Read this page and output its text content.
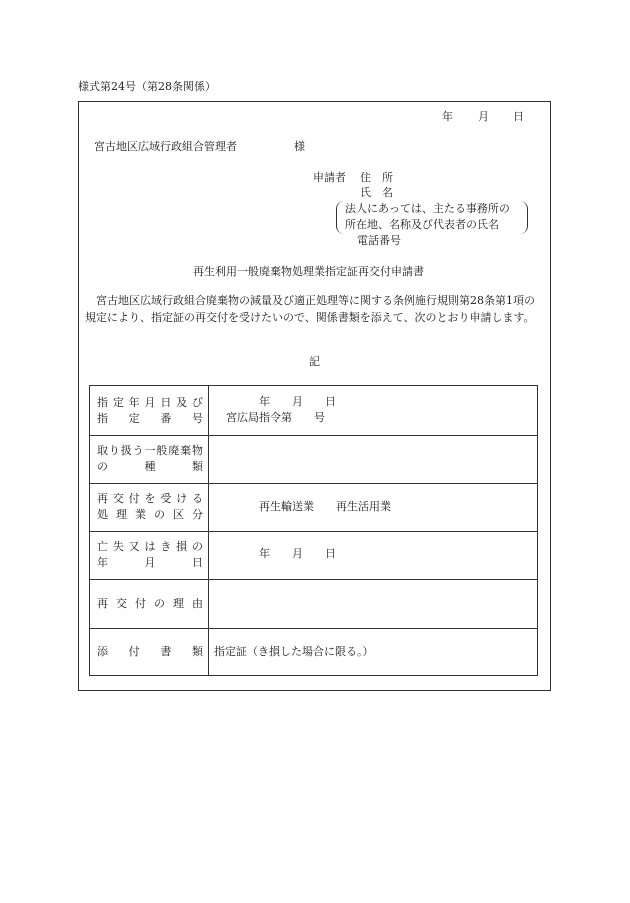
様式第24号（第28条関係）
年 月 日
宮古地区広域行政組合管理者	様
申請者 住　所
氏　名
法人にあっては、主たる事務所の
所在地、名称及び代表者の氏名
電話番号
再生利用一般廃棄物処理業指定証再交付申請書
宮古地区広域行政組合廃棄物の減量及び適正処理等に関する条例施行規則第28条第1項の規定により、指定証の再交付を受けたいので、関係書類を添えて、次のとおり申請します。
記
指定年月日及び
指定番号
年　　月　　日
宮広局指令第　　号
取り扱う一般廃棄物
の種類
再交付を受ける
処理業の区分
再生輸送業　　再生活用業
亡失又はき損の
年月日
年　　月　　日
再交付の理由
添付書類 指定証（き損した場合に限る。）
